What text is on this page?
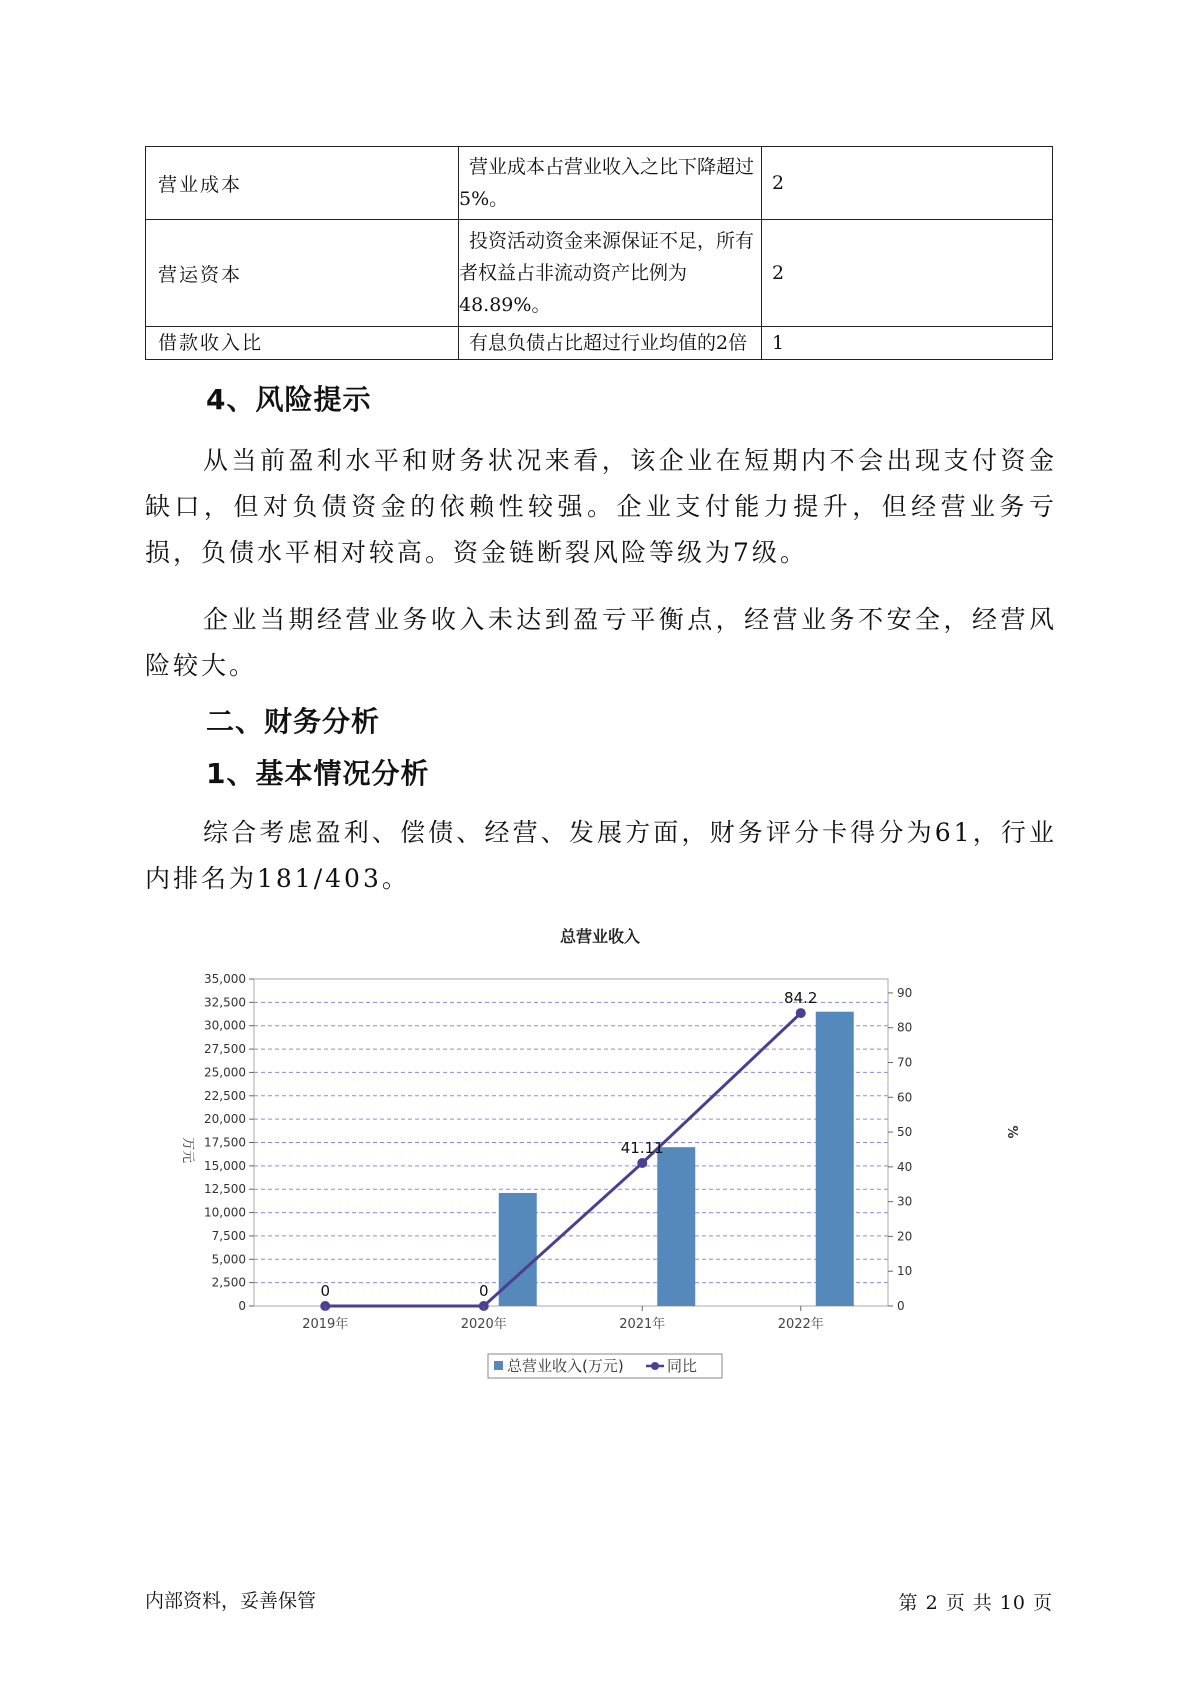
营业成本	营业成本占营业收入之比下降超过5%。	2
营运资本	投资活动资金来源保证不足，所有者权益占非流动资产比例为48.89%。	2
借款收入比	有息负债占比超过行业均值的2倍	1
4、风险提示

从当前盈利水平和财务状况来看，该企业在短期内不会出现支付资金缺口，但对负债资金的依赖性较强。企业支付能力提升，但经营业务亏损，负债水平相对较高。资金链断裂风险等级为7级。

企业当期经营业务收入未达到盈亏平衡点，经营业务不安全，经营风险较大。

二、财务分析
1、基本情况分析

综合考虑盈利、偿债、经营、发展方面，财务评分卡得分为61，行业内排名为181/403。

总营业收入
0	0
41.11
84.2
0
2,500
5,000
7,500
10,000
12,500
15,000
17,500
20,000
22,500
25,000
27,500
30,000
32,500
35,000
0
10
20
30
40
50
60
70
80
90
2019年	2020年	2021年	2022年
万元
%
总营业收入(万元)	同比
内部资料，妥善保管	第 2 页 共 10 页
